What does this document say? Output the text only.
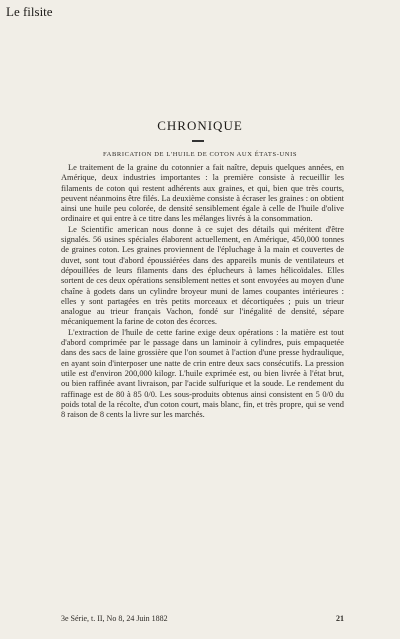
Le filsite
CHRONIQUE
FABRICATION DE L'HUILE DE COTON AUX ÉTATS-UNIS

Le traitement de la graine du cotonnier a fait naître, depuis quelques années, en Amérique, deux industries importantes : la première consiste à recueillir les filaments de coton qui restent adhérents aux graines, et qui, bien que très courts, peuvent néanmoins être filés. La deuxième consiste à écraser les graines : on obtient ainsi une huile peu colorée, de densité sensiblement égale à celle de l'huile d'olive ordinaire et qui entre à ce titre dans les mélanges livrés à la consommation.

Le Scientific american nous donne à ce sujet des détails qui méritent d'être signalés. 56 usines spéciales élaborent actuellement, en Amérique, 450,000 tonnes de graines coton. Les graines proviennent de l'épluchage à la main et couvertes de duvet, sont tout d'abord époussiérées dans des appareils munis de ventilateurs et dépouillées de leurs filaments dans des éplucheurs à lames hélicoïdales. Elles sortent de ces deux opérations sensiblement nettes et sont envoyées au moyen d'une chaîne à godets dans un cylindre broyeur muni de lames coupantes intérieures : elles y sont partagées en très petits morceaux et décortiquées ; puis un trieur analogue au trieur français Vachon, fondé sur l'inégalité de densité, sépare mécaniquement la farine de coton des écorces.

L'extraction de l'huile de cette farine exige deux opérations : la matière est tout d'abord comprimée par le passage dans un laminoir à cylindres, puis empaquetée dans des sacs de laine grossière que l'on soumet à l'action d'une presse hydraulique, en ayant soin d'interposer une natte de crin entre deux sacs consécutifs. La pression utile est d'environ 200,000 kilogr. L'huile exprimée est, ou bien livrée à l'état brut, ou bien raffinée avant livraison, par l'acide sulfurique et la soude. Le rendement du raffinage est de 80 à 85 0/0. Les sous-produits obtenus ainsi consistent en 5 0/0 du poids total de la récolte, d'un coton court, mais blanc, fin, et très propre, qui se vend 8 raison de 8 cents la livre sur les marchés.

3e Série, t. II, No 8, 24 Juin 1882	21
